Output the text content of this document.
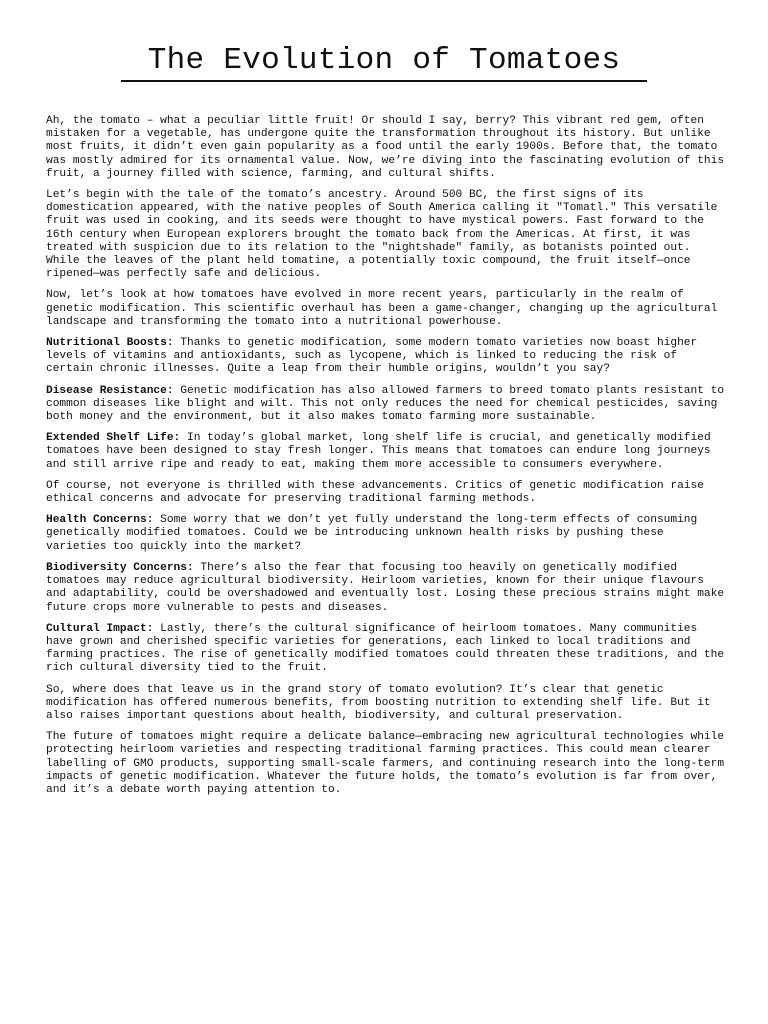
The Evolution of Tomatoes

Ah, the tomato – what a peculiar little fruit! Or should I say, berry? This vibrant red gem, often mistaken for a vegetable, has undergone quite the transformation throughout its history. But unlike most fruits, it didn’t even gain popularity as a food until the early 1900s. Before that, the tomato was mostly admired for its ornamental value. Now, we’re diving into the fascinating evolution of this fruit, a journey filled with science, farming, and cultural shifts.

Let’s begin with the tale of the tomato’s ancestry. Around 500 BC, the first signs of its domestication appeared, with the native peoples of South America calling it "Tomatl." This versatile fruit was used in cooking, and its seeds were thought to have mystical powers. Fast forward to the 16th century when European explorers brought the tomato back from the Americas. At first, it was treated with suspicion due to its relation to the "nightshade" family, as botanists pointed out. While the leaves of the plant held tomatine, a potentially toxic compound, the fruit itself—once ripened—was perfectly safe and delicious.

Now, let’s look at how tomatoes have evolved in more recent years, particularly in the realm of genetic modification. This scientific overhaul has been a game-changer, changing up the agricultural landscape and transforming the tomato into a nutritional powerhouse.

Nutritional Boosts: Thanks to genetic modification, some modern tomato varieties now boast higher levels of vitamins and antioxidants, such as lycopene, which is linked to reducing the risk of certain chronic illnesses. Quite a leap from their humble origins, wouldn’t you say?

Disease Resistance: Genetic modification has also allowed farmers to breed tomato plants resistant to common diseases like blight and wilt. This not only reduces the need for chemical pesticides, saving both money and the environment, but it also makes tomato farming more sustainable.

Extended Shelf Life: In today’s global market, long shelf life is crucial, and genetically modified tomatoes have been designed to stay fresh longer. This means that tomatoes can endure long journeys and still arrive ripe and ready to eat, making them more accessible to consumers everywhere.

Of course, not everyone is thrilled with these advancements. Critics of genetic modification raise ethical concerns and advocate for preserving traditional farming methods.

Health Concerns: Some worry that we don’t yet fully understand the long-term effects of consuming genetically modified tomatoes. Could we be introducing unknown health risks by pushing these varieties too quickly into the market?

Biodiversity Concerns: There’s also the fear that focusing too heavily on genetically modified tomatoes may reduce agricultural biodiversity. Heirloom varieties, known for their unique flavours and adaptability, could be overshadowed and eventually lost. Losing these precious strains might make future crops more vulnerable to pests and diseases.

Cultural Impact: Lastly, there’s the cultural significance of heirloom tomatoes. Many communities have grown and cherished specific varieties for generations, each linked to local traditions and farming practices. The rise of genetically modified tomatoes could threaten these traditions, and the rich cultural diversity tied to the fruit.

So, where does that leave us in the grand story of tomato evolution? It’s clear that genetic modification has offered numerous benefits, from boosting nutrition to extending shelf life. But it also raises important questions about health, biodiversity, and cultural preservation.

The future of tomatoes might require a delicate balance—embracing new agricultural technologies while protecting heirloom varieties and respecting traditional farming practices. This could mean clearer labelling of GMO products, supporting small-scale farmers, and continuing research into the long-term impacts of genetic modification. Whatever the future holds, the tomato’s evolution is far from over, and it’s a debate worth paying attention to.
